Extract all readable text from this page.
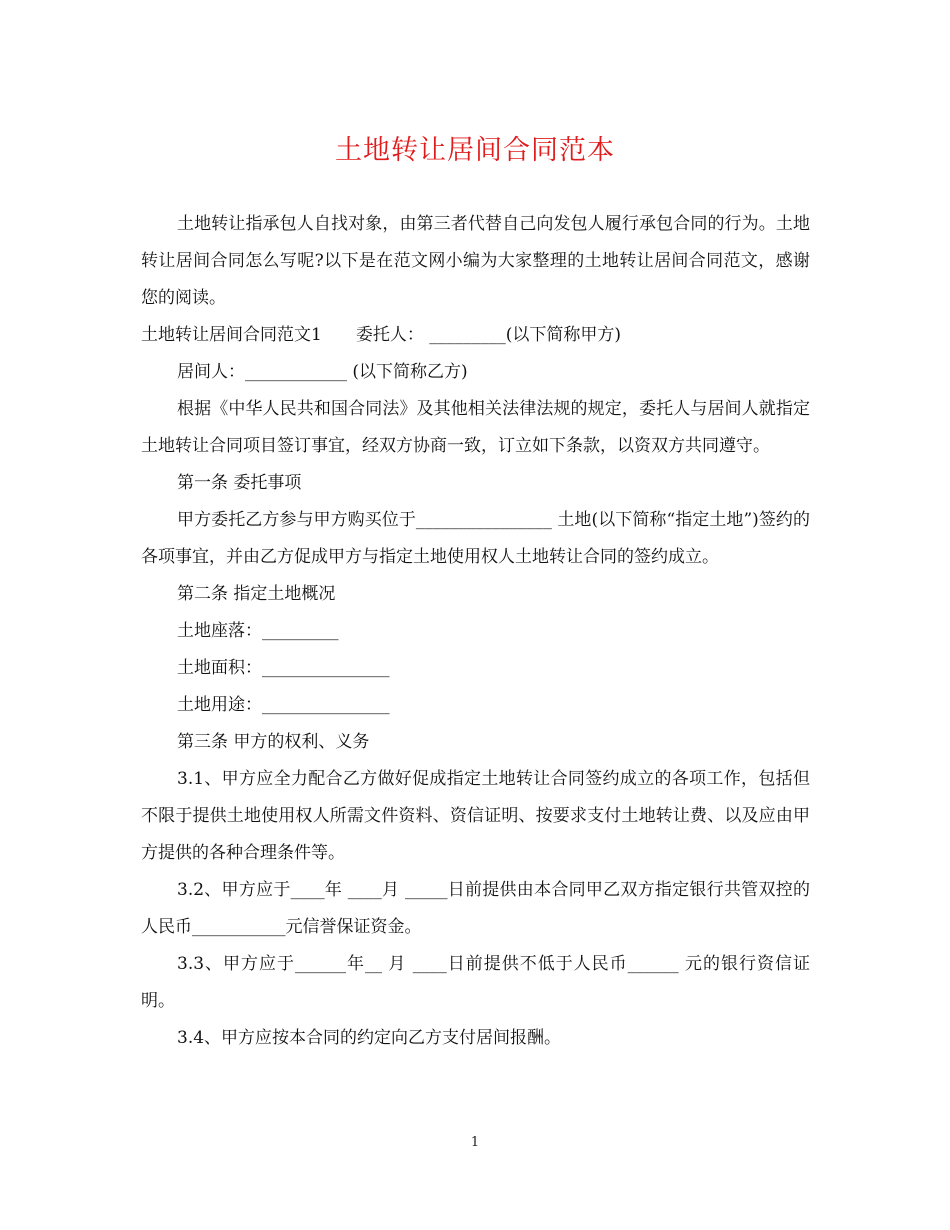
土地转让居间合同范本

土地转让指承包人自找对象，由第三者代替自己向发包人履行承包合同的行为。土地转让居间合同怎么写呢?以下是在范文网小编为大家整理的土地转让居间合同范文，感谢您的阅读。

土地转让居间合同范文1 委托人： _________(以下简称甲方)

居间人：____________ (以下简称乙方)

根据《中华人民共和国合同法》及其他相关法律法规的规定，委托人与居间人就指定土地转让合同项目签订事宜，经双方协商一致，订立如下条款，以资双方共同遵守。

第一条 委托事项

甲方委托乙方参与甲方购买位于________________ 土地(以下简称“指定土地”)签约的各项事宜，并由乙方促成甲方与指定土地使用权人土地转让合同的签约成立。

第二条 指定土地概况

土地座落：_________

土地面积：_______________

土地用途：_______________

第三条 甲方的权利、义务

3.1、甲方应全力配合乙方做好促成指定土地转让合同签约成立的各项工作，包括但不限于提供土地使用权人所需文件资料、资信证明、按要求支付土地转让费、以及应由甲方提供的各种合理条件等。

3.2、甲方应于____年 ____月 _____日前提供由本合同甲乙双方指定银行共管双控的人民币___________元信誉保证资金。

3.3、甲方应于______年__ 月 ____日前提供不低于人民币______ 元的银行资信证明。

3.4、甲方应按本合同的约定向乙方支付居间报酬。

1
